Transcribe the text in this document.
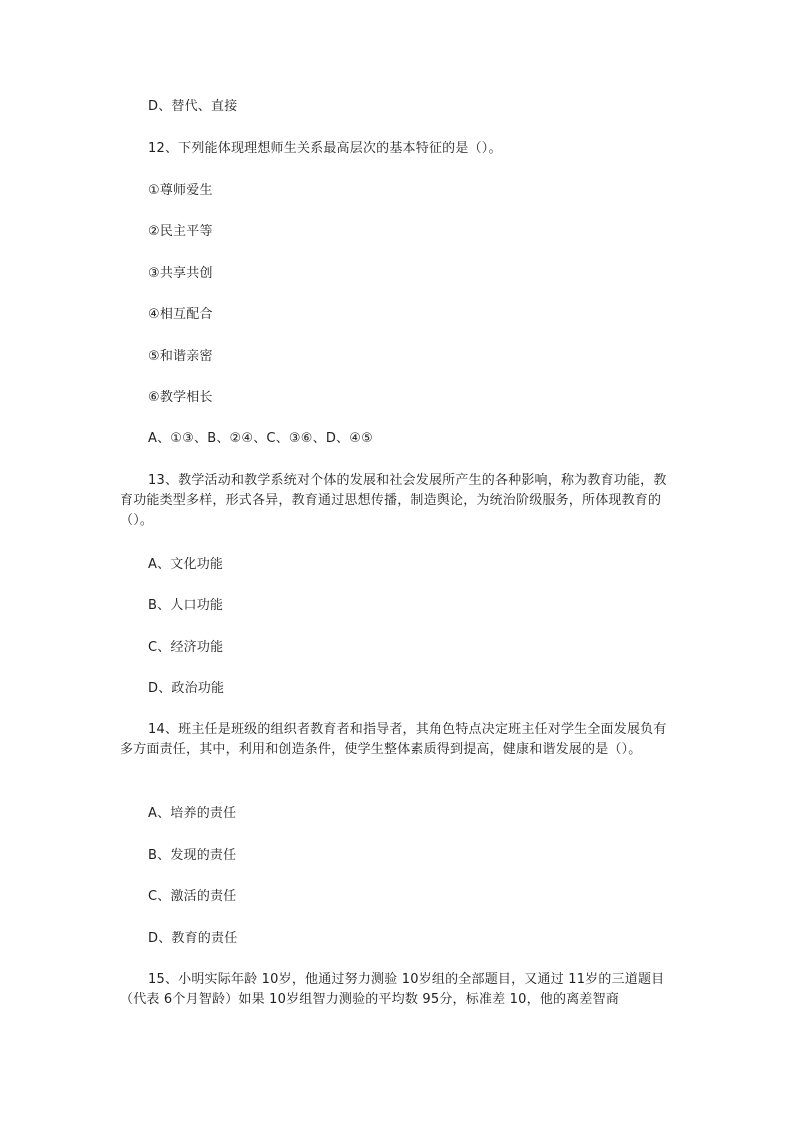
D、替代、直接
12、下列能体现理想师生关系最高层次的基本特征的是（）。
①尊师爱生
②民主平等
③共享共创
④相互配合
⑤和谐亲密
⑥教学相长
A、①③、B、②④、C、③⑥、D、④⑤
13、教学活动和教学系统对个体的发展和社会发展所产生的各种影响，称为教育功能，教育功能类型多样，形式各异，教育通过思想传播，制造舆论，为统治阶级服务，所体现教育的（）。
A、文化功能
B、人口功能
C、经济功能
D、政治功能
14、班主任是班级的组织者教育者和指导者，其角色特点决定班主任对学生全面发展负有多方面责任，其中，利用和创造条件，使学生整体素质得到提高，健康和谐发展的是（）。
A、培养的责任
B、发现的责任
C、激活的责任
D、教育的责任
15、小明实际年龄 10岁，他通过努力测验 10岁组的全部题目，又通过 11岁的三道题目（代表 6个月智龄）如果 10岁组智力测验的平均数 95分，标准差 10，他的离差智商
